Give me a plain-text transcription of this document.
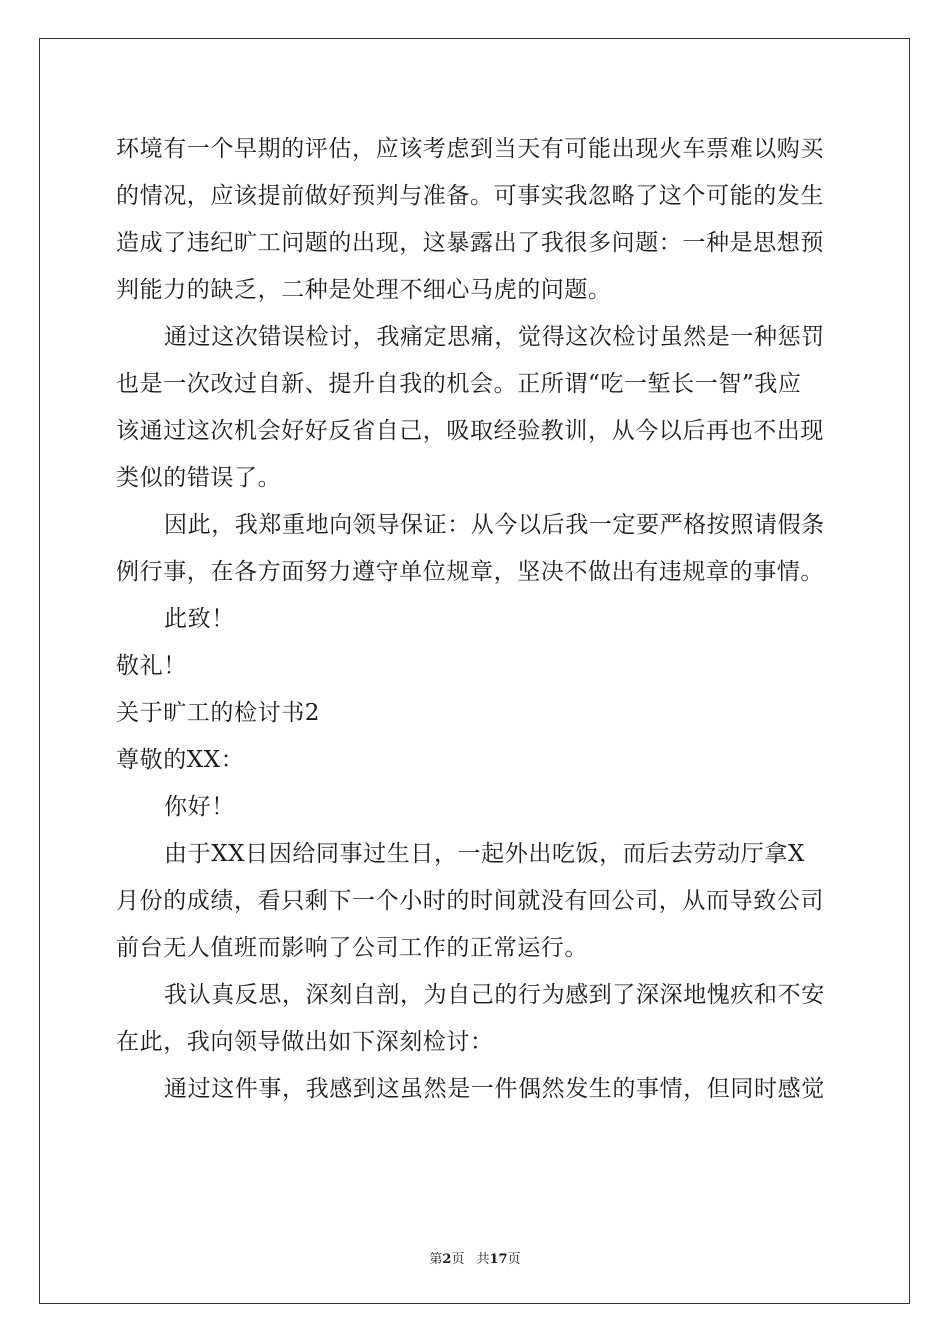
环境有一个早期的评估，应该考虑到当天有可能出现火车票难以购买
的情况，应该提前做好预判与准备。可事实我忽略了这个可能的发生
造成了违纪旷工问题的出现，这暴露出了我很多问题：一种是思想预
判能力的缺乏，二种是处理不细心马虎的问题。
通过这次错误检讨，我痛定思痛，觉得这次检讨虽然是一种惩罚
也是一次改过自新、提升自我的机会。正所谓“吃一堑长一智”我应
该通过这次机会好好反省自己，吸取经验教训，从今以后再也不出现
类似的错误了。
因此，我郑重地向领导保证：从今以后我一定要严格按照请假条
例行事，在各方面努力遵守单位规章，坚决不做出有违规章的事情。
此致！
敬礼！
关于旷工的检讨书2
尊敬的XX：
你好！
由于XX日因给同事过生日，一起外出吃饭，而后去劳动厅拿X
月份的成绩，看只剩下一个小时的时间就没有回公司，从而导致公司
前台无人值班而影响了公司工作的正常运行。
我认真反思，深刻自剖，为自己的行为感到了深深地愧疚和不安
在此，我向领导做出如下深刻检讨：
通过这件事，我感到这虽然是一件偶然发生的事情，但同时感觉
第2页 共17页
